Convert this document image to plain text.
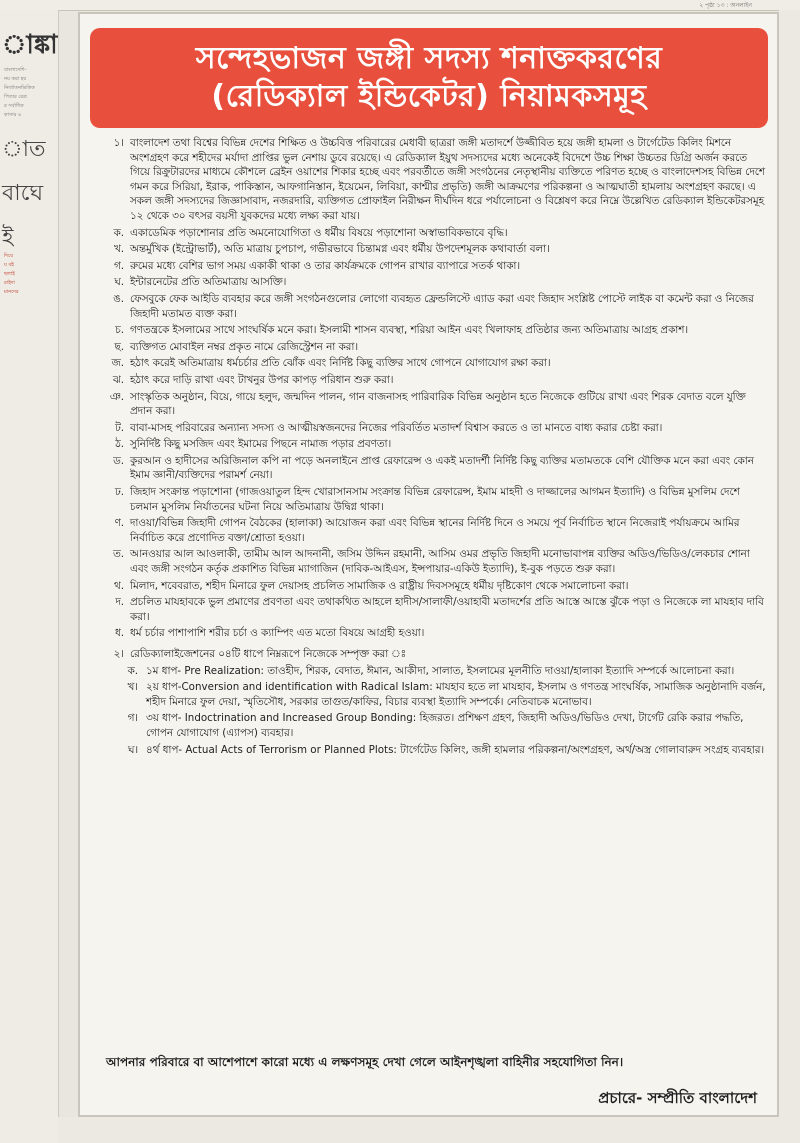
২ পৃষ্ঠা ১৩ : অনলাইন
াঙ্কা
বাংলাদেশি-
নয় করা হয়
নির্জাতনভিত্তিক
পিতার রেত্র
র সর্বাধিক
কাসার ৪
াত
বাঘে
ই
দিয়ে
য বই
ছলাই
রাইদা
মানদের
সন্দেহভাজন জঙ্গী সদস্য শনাক্তকরণের
(রেডিক্যাল ইন্ডিকেটর) নিয়ামকসমূহ
১। বাংলাদেশ তথা বিশ্বের বিভিন্ন দেশের শিক্ষিত ও উচ্চবিত্ত পরিবারের মেধাবী ছাত্ররা জঙ্গী মতাদর্শে উজ্জীবিত হয়ে জঙ্গী হামলা ও টার্গেটেড কিলিং মিশনে অংশগ্রহণ করে শহীদের মর্যাদা প্রাপ্তির ভুল নেশায় ডুবে রয়েছে। এ রেডিক্যাল ইয়ুথ সদস্যদের মধ্যে অনেকেই বিদেশে উচ্চ শিক্ষা উচ্চতর ডিগ্রি অর্জন করতে গিয়ে রিক্রুটারদের মাধ্যমে কৌশলে ব্রেইন ওয়াশের শিকার হচ্ছে এবং পরবর্তীতে জঙ্গী সংগঠনের নেতৃস্থানীয় ব্যক্তিতে পরিণত হচ্ছে ও বাংলাদেশসহ বিভিন্ন দেশে গমন করে সিরিয়া, ইরাক, পাকিস্তান, আফগানিস্তান, ইয়েমেন, লিবিয়া, কাশ্মীর প্রভৃতি) জঙ্গী আক্রমণের পরিকল্পনা ও আত্মঘাতী হামলায় অংশগ্রহণ করছে। এ সকল জঙ্গী সদস্যদের জিজ্ঞাসাবাদ, নজরদারি, ব্যক্তিগত প্রোফাইল নিরীক্ষন দীর্ঘদিন ধরে পর্যালোচনা ও বিশ্লেষণ করে নিম্নে উল্লেখিত রেডিক্যাল ইন্ডিকেটরসমূহ ১২ থেকে ৩০ বৎসর বয়সী যুবকদের মধ্যে লক্ষ্য করা যায়।
ক. একাডেমিক পড়াশোনার প্রতি অমনোযোগিতা ও ধর্মীয় বিষয়ে পড়াশোনা অস্বাভাবিকভাবে বৃদ্ধি।
খ. অন্তর্মুখিক (ইন্ট্রোভার্ট), অতি মাত্রায় চুপচাপ, গভীরভাবে চিন্তামগ্ন এবং ধর্মীয় উপদেশমূলক কথাবার্তা বলা।
গ. রুমের মধ্যে বেশির ভাগ সময় একাকী থাকা ও তার কার্যক্রমকে গোপন রাখার ব্যাপারে সতর্ক থাকা।
ঘ. ইন্টারনেটের প্রতি অতিমাত্রায় আসক্তি।
ঙ. ফেসবুকে ফেক আইডি ব্যবহার করে জঙ্গী সংগঠনগুলোর লোগো ব্যবহৃত ফ্রেন্ডলিস্টে এ্যাড করা এবং জিহাদ সংশ্লিষ্ট পোস্টে লাইক বা কমেন্ট করা ও নিজের জিহাদী মতামত ব্যক্ত করা।
চ. গণতন্ত্রকে ইসলামের সাথে সাংঘর্ষিক মনে করা। ইসলামী শাসন ব্যবস্থা, শরিয়া আইন এবং খিলাফাহ প্রতিষ্ঠার জন্য অতিমাত্রায় আগ্রহ প্রকাশ।
ছ. ব্যক্তিগত মোবাইল নম্বর প্রকৃত নামে রেজিস্ট্রেশন না করা।
জ. হঠাৎ করেই অতিমাত্রায় ধর্মচর্চার প্রতি ঝোঁক এবং নির্দিষ্ট কিছু ব্যক্তির সাথে গোপনে যোগাযোগ রক্ষা করা।
ঝ. হঠাৎ করে দাড়ি রাখা এবং টাখনুর উপর কাপড় পরিধান শুরু করা।
ঞ. সাংস্কৃতিক অনুষ্ঠান, বিয়ে, গায়ে হলুদ, জন্মদিন পালন, গান বাজনাসহ পারিবারিক বিভিন্ন অনুষ্ঠান হতে নিজেকে গুটিয়ে রাখা এবং শিরক বেদাত বলে যুক্তি প্রদান করা।
ট. বাবা-মাসহ পরিবারের অন্যান্য সদস্য ও আত্মীয়স্বজনদের নিজের পরিবর্তিত মতাদর্শ বিশ্বাস করতে ও তা মানতে বাধ্য করার চেষ্টা করা।
ঠ. সুনির্দিষ্ট কিছু মসজিদ এবং ইমামের পিছনে নামাজ পড়ার প্রবণতা।
ড. কুরআন ও হাদীসের অরিজিনাল কপি না পড়ে অনলাইনে প্রাপ্ত রেফারেন্স ও একই মতাদর্শী নির্দিষ্ট কিছু ব্যক্তির মতামতকে বেশি যৌক্তিক মনে করা এবং কোন ইমাম জ্ঞানী/ব্যক্তিদের পরামর্শ নেয়া।
ঢ. জিহাদ সংক্রান্ত পড়াশোনা (গাজওয়াতুল হিন্দ খোরাসানসাম সংক্রান্ত বিভিন্ন রেফারেন্স, ইমাম মাহদী ও দাজ্জালের আগমন ইত্যাদি) ও বিভিন্ন মুসলিম দেশে চলমান মুসলিম নির্যাতনের ঘটনা নিয়ে অতিমাত্রায় উদ্বিগ্ন থাকা।
ণ. দাওয়া/বিভিন্ন জিহাদী গোপন বৈঠকের (হালাকা) আয়োজন করা এবং বিভিন্ন স্থানের নির্দিষ্ট দিনে ও সময়ে পূর্ব নির্বাচিত স্থানে নিজেরাই পর্যায়ক্রমে আমির নির্বাচিত করে প্রণোদিত বক্তা/শ্রোতা হওয়া।
ত. আনওয়ার আল আওলাকী, তামীম আল আদনানী, জসিম উদ্দিন রহমানী, আসিম ওমর প্রভৃতি জিহাদী মনোভাবাপন্ন ব্যক্তির অডিও/ভিডিও/লেকচার শোনা এবং জঙ্গী সংগঠন কর্তৃক প্রকাশিত বিভিন্ন ম্যাগাজিন (দাবিক-আইএস, ইন্সপায়ার-একিউ ইত্যাদি), ই-বুক পড়তে শুরু করা।
থ. মিলাদ, শবেবরাত, শহীদ মিনারে ফুল দেয়াসহ প্রচলিত সামাজিক ও রাষ্ট্রীয় দিবসসমূহে ধর্মীয় দৃষ্টিকোণ থেকে সমালোচনা করা।
দ. প্রচলিত মাযহাবকে ভুল প্রমাণের প্রবণতা এবং তথাকথিত আহলে হাদীস/সালাফী/ওয়াহাবী মতাদর্শের প্রতি আস্তে আস্তে ঝুঁকে পড়া ও নিজেকে লা মাযহাব দাবি করা।
ধ. ধর্ম চর্চার পাশাপাশি শরীর চর্চা ও ক্যাম্পিং এত মতো বিষয়ে আগ্রহী হওয়া।
২। রেডিক্যালাইজেশনের ০৪টি ধাপে নিম্নরূপে নিজেকে সম্পৃক্ত করা ঃ
ক. ১ম ধাপ- Pre Realization: তাওহীদ, শিরক, বেদাত, ঈমান, আকীদা, সালাত, ইসলামের মূলনীতি দাওয়া/হালাকা ইত্যাদি সম্পর্কে আলোচনা করা।
খ। ২য় ধাপ-Conversion and identification with Radical Islam: মাযহাব হতে লা মাযহাব, ইসলাম ও গণতন্ত্র সাংঘর্ষিক, সামাজিক অনুষ্ঠানাদি বর্জন, শহীদ মিনারে ফুল দেয়া, স্মৃতিসৌধ, সরকার তাগুত/কাফির, বিচার ব্যবস্থা ইত্যাদি সম্পর্কে। নেতিবাচক মনোভাব।
গ। ৩য় ধাপ- Indoctrination and Increased Group Bonding: হিজরত। প্রশিক্ষণ গ্রহণ, জিহাদী অডিও/ভিডিও দেখা, টার্গেট রেকি করার পদ্ধতি, গোপন যোগাযোগ (এ্যাপস) ব্যবহার।
ঘ। ৪র্থ ধাপ- Actual Acts of Terrorism or Planned Plots: টার্গেটেড কিলিং, জঙ্গী হামলার পরিকল্পনা/অংশগ্রহণ, অর্থ/অস্ত্র গোলাবারুদ সংগ্রহ ব্যবহার।
আপনার পরিবারে বা আশেপাশে কারো মধ্যে এ লক্ষণসমূহ দেখা গেলে আইনশৃঙ্খলা বাহিনীর সহযোগিতা নিন।
প্রচারে- সম্প্রীতি বাংলাদেশ
